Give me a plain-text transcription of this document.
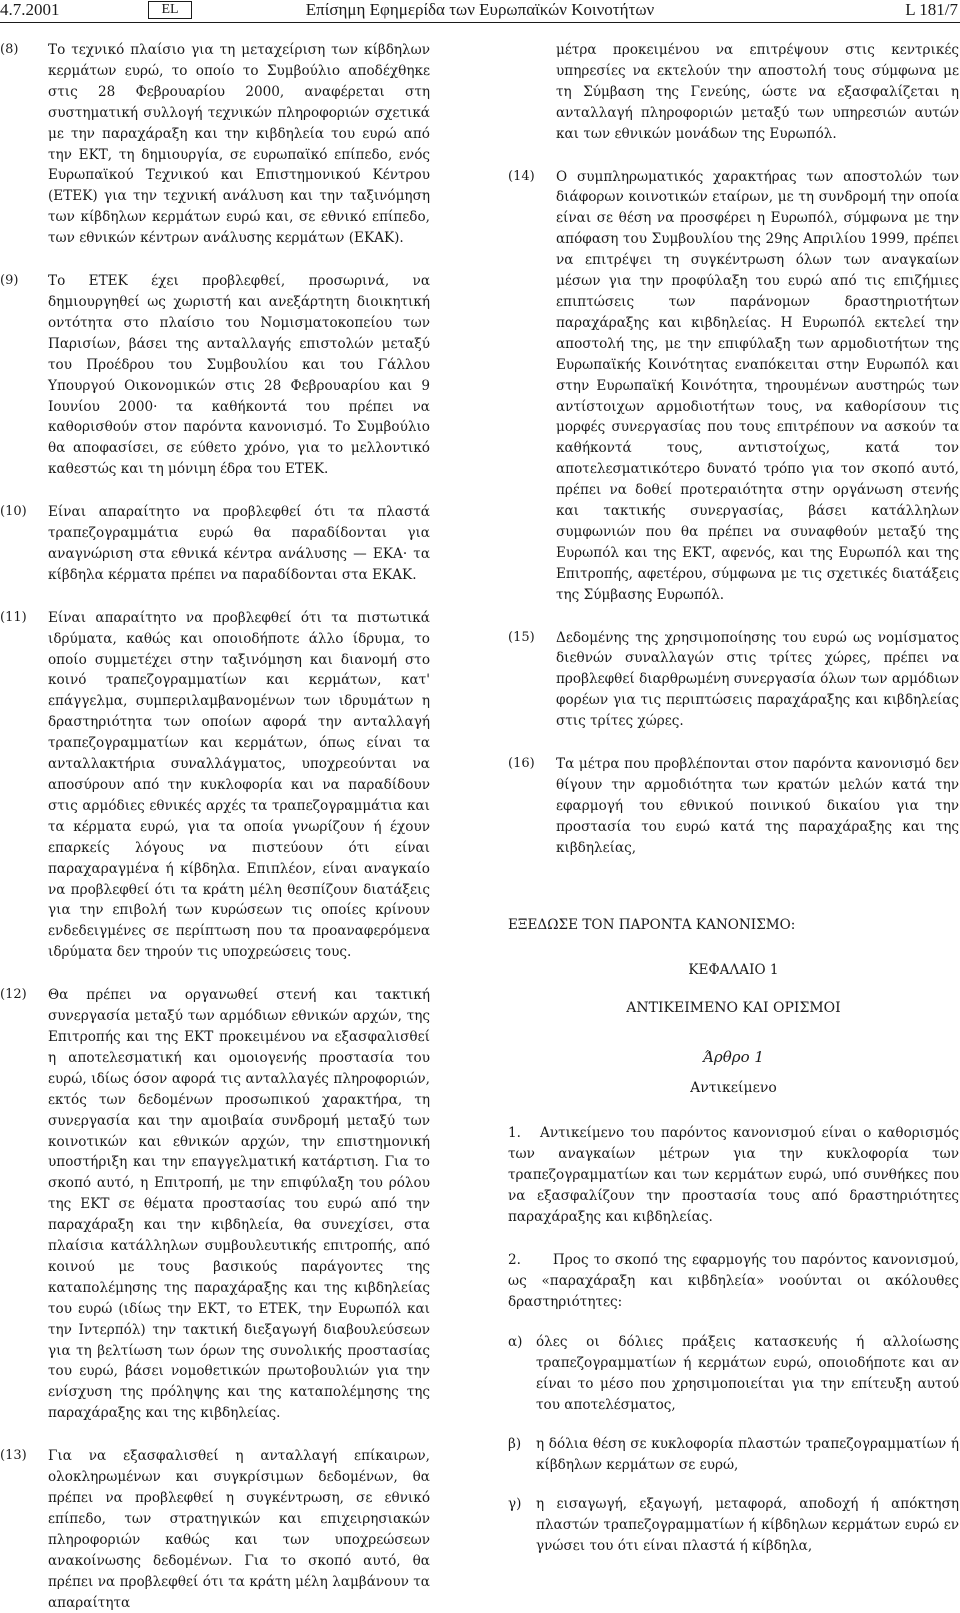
4.7.2001	EL	Επίσημη Εφημερίδα των Ευρωπαϊκών Κοινοτήτων	L 181/7
(8)	Το τεχνικό πλαίσιο για τη μεταχείριση των κίβδηλων κερμάτων ευρώ, το οποίο το Συμβούλιο αποδέχθηκε στις 28 Φεβρουαρίου 2000, αναφέρεται στη συστηματική συλλογή τεχνικών πληροφοριών σχετικά με την παραχάραξη και την κιβδηλεία του ευρώ από την ΕΚΤ, τη δημιουργία, σε ευρωπαϊκό επίπεδο, ενός Ευρωπαϊκού Τεχνικού και Επιστημονικού Κέντρου (ΕΤΕΚ) για την τεχνική ανάλυση και την ταξινόμηση των κίβδηλων κερμάτων ευρώ και, σε εθνικό επίπεδο, των εθνικών κέντρων ανάλυσης κερμάτων (ΕΚΑΚ).
(9)	Το ΕΤΕΚ έχει προβλεφθεί, προσωρινά, να δημιουργηθεί ως χωριστή και ανεξάρτητη διοικητική οντότητα στο πλαίσιο του Νομισματοκοπείου των Παρισίων, βάσει της ανταλλαγής επιστολών μεταξύ του Προέδρου του Συμβουλίου και του Γάλλου Υπουργού Οικονομικών στις 28 Φεβρουαρίου και 9 Ιουνίου 2000· τα καθήκοντά του πρέπει να καθορισθούν στον παρόντα κανονισμό. Το Συμβούλιο θα αποφασίσει, σε εύθετο χρόνο, για το μελλοντικό καθεστώς και τη μόνιμη έδρα του ΕΤΕΚ.
(10)	Είναι απαραίτητο να προβλεφθεί ότι τα πλαστά τραπεζογραμμάτια ευρώ θα παραδίδονται για αναγνώριση στα εθνικά κέντρα ανάλυσης — ΕΚΑ· τα κίβδηλα κέρματα πρέπει να παραδίδονται στα ΕΚΑΚ.
(11)	Είναι απαραίτητο να προβλεφθεί ότι τα πιστωτικά ιδρύματα, καθώς και οποιοδήποτε άλλο ίδρυμα, το οποίο συμμετέχει στην ταξινόμηση και διανομή στο κοινό τραπεζογραμματίων και κερμάτων, κατ' επάγγελμα, συμπεριλαμβανομένων των ιδρυμάτων η δραστηριότητα των οποίων αφορά την ανταλλαγή τραπεζογραμματίων και κερμάτων, όπως είναι τα ανταλλακτήρια συναλλάγματος, υποχρεούνται να αποσύρουν από την κυκλοφορία και να παραδίδουν στις αρμόδιες εθνικές αρχές τα τραπεζογραμμάτια και τα κέρματα ευρώ, για τα οποία γνωρίζουν ή έχουν επαρκείς λόγους να πιστεύουν ότι είναι παραχαραγμένα ή κίβδηλα. Επιπλέον, είναι αναγκαίο να προβλεφθεί ότι τα κράτη μέλη θεσπίζουν διατάξεις για την επιβολή των κυρώσεων τις οποίες κρίνουν ενδεδειγμένες σε περίπτωση που τα προαναφερόμενα ιδρύματα δεν τηρούν τις υποχρεώσεις τους.
(12)	Θα πρέπει να οργανωθεί στενή και τακτική συνεργασία μεταξύ των αρμόδιων εθνικών αρχών, της Επιτροπής και της ΕΚΤ προκειμένου να εξασφαλισθεί η αποτελεσματική και ομοιογενής προστασία του ευρώ, ιδίως όσον αφορά τις ανταλλαγές πληροφοριών, εκτός των δεδομένων προσωπικού χαρακτήρα, τη συνεργασία και την αμοιβαία συνδρομή μεταξύ των κοινοτικών και εθνικών αρχών, την επιστημονική υποστήριξη και την επαγγελματική κατάρτιση. Για το σκοπό αυτό, η Επιτροπή, με την επιφύλαξη του ρόλου της ΕΚΤ σε θέματα προστασίας του ευρώ από την παραχάραξη και την κιβδηλεία, θα συνεχίσει, στα πλαίσια κατάλληλων συμβουλευτικής επιτροπής, από κοινού με τους βασικούς παράγοντες της καταπολέμησης της παραχάραξης και της κιβδηλείας του ευρώ (ιδίως την ΕΚΤ, το ΕΤΕΚ, την Ευρωπόλ και την Ιντερπόλ) την τακτική διεξαγωγή διαβουλεύσεων για τη βελτίωση των όρων της συνολικής προστασίας του ευρώ, βάσει νομοθετικών πρωτοβουλιών για την ενίσχυση της πρόληψης και της καταπολέμησης της παραχάραξης και της κιβδηλείας.
(13)	Για να εξασφαλισθεί η ανταλλαγή επίκαιρων, ολοκληρωμένων και συγκρίσιμων δεδομένων, θα πρέπει να προβλεφθεί η συγκέντρωση, σε εθνικό επίπεδο, των στρατηγικών και επιχειρησιακών πληροφοριών καθώς και των υποχρεώσεων ανακοίνωσης δεδομένων. Για το σκοπό αυτό, θα πρέπει να προβλεφθεί ότι τα κράτη μέλη λαμβάνουν τα απαραίτητα
μέτρα προκειμένου να επιτρέψουν στις κεντρικές υπηρεσίες να εκτελούν την αποστολή τους σύμφωνα με τη Σύμβαση της Γενεύης, ώστε να εξασφαλίζεται η ανταλλαγή πληροφοριών μεταξύ των υπηρεσιών αυτών και των εθνικών μονάδων της Ευρωπόλ.
(14)	Ο συμπληρωματικός χαρακτήρας των αποστολών των διάφορων κοινοτικών εταίρων, με τη συνδρομή την οποία είναι σε θέση να προσφέρει η Ευρωπόλ, σύμφωνα με την απόφαση του Συμβουλίου της 29ης Απριλίου 1999, πρέπει να επιτρέψει τη συγκέντρωση όλων των αναγκαίων μέσων για την προφύλαξη του ευρώ από τις επιζήμιες επιπτώσεις των παράνομων δραστηριοτήτων παραχάραξης και κιβδηλείας. Η Ευρωπόλ εκτελεί την αποστολή της, με την επιφύλαξη των αρμοδιοτήτων της Ευρωπαϊκής Κοινότητας εναπόκειται στην Ευρωπόλ και στην Ευρωπαϊκή Κοινότητα, τηρουμένων αυστηρώς των αντίστοιχων αρμοδιοτήτων τους, να καθορίσουν τις μορφές συνεργασίας που τους επιτρέπουν να ασκούν τα καθήκοντά τους, αντιστοίχως, κατά τον αποτελεσματικότερο δυνατό τρόπο για τον σκοπό αυτό, πρέπει να δοθεί προτεραιότητα στην οργάνωση στενής και τακτικής συνεργασίας, βάσει κατάλληλων συμφωνιών που θα πρέπει να συναφθούν μεταξύ της Ευρωπόλ και της ΕΚΤ, αφενός, και της Ευρωπόλ και της Επιτροπής, αφετέρου, σύμφωνα με τις σχετικές διατάξεις της Σύμβασης Ευρωπόλ.
(15)	Δεδομένης της χρησιμοποίησης του ευρώ ως νομίσματος διεθνών συναλλαγών στις τρίτες χώρες, πρέπει να προβλεφθεί διαρθρωμένη συνεργασία όλων των αρμόδιων φορέων για τις περιπτώσεις παραχάραξης και κιβδηλείας στις τρίτες χώρες.
(16)	Τα μέτρα που προβλέπονται στον παρόντα κανονισμό δεν θίγουν την αρμοδιότητα των κρατών μελών κατά την εφαρμογή του εθνικού ποινικού δικαίου για την προστασία του ευρώ κατά της παραχάραξης και της κιβδηλείας,

ΕΞΕΔΩΣΕ ΤΟΝ ΠΑΡΟΝΤΑ ΚΑΝΟΝΙΣΜΟ:

ΚΕΦΑΛΑΙΟ 1

ΑΝΤΙΚΕΙΜΕΝΟ ΚΑΙ ΟΡΙΣΜΟΙ

Άρθρο 1

Αντικείμενο

1.   Αντικείμενο του παρόντος κανονισμού είναι ο καθορισμός των αναγκαίων μέτρων για την κυκλοφορία των τραπεζογραμματίων και των κερμάτων ευρώ, υπό συνθήκες που να εξασφαλίζουν την προστασία τους από δραστηριότητες παραχάραξης και κιβδηλείας.

2.      Προς το σκοπό της εφαρμογής του παρόντος κανονισμού, ως «παραχάραξη και κιβδηλεία» νοούνται οι ακόλουθες δραστηριότητες:

α) όλες οι δόλιες πράξεις κατασκευής ή αλλοίωσης τραπεζογραμματίων ή κερμάτων ευρώ, οποιοδήποτε και αν είναι το μέσο που χρησιμοποιείται για την επίτευξη αυτού του αποτελέσματος,
β)	η δόλια θέση σε κυκλοφορία πλαστών τραπεζογραμματίων ή κίβδηλων κερμάτων σε ευρώ,
γ)	η εισαγωγή, εξαγωγή, μεταφορά, αποδοχή ή απόκτηση πλαστών τραπεζογραμματίων ή κίβδηλων κερμάτων ευρώ εν γνώσει του ότι είναι πλαστά ή κίβδηλα,
